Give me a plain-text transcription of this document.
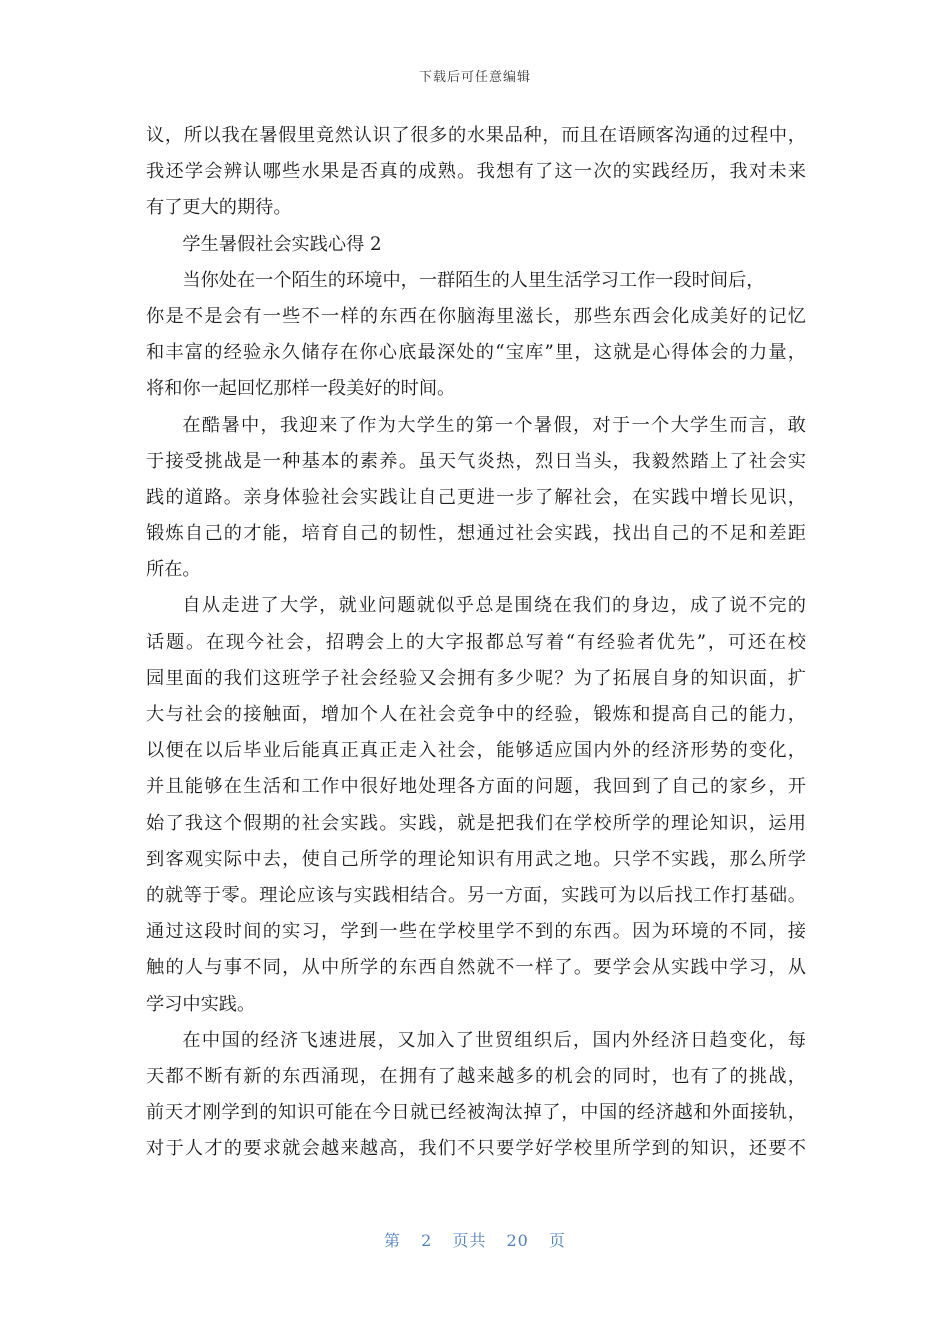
下载后可任意编辑
议，所以我在暑假里竟然认识了很多的水果品种，而且在语顾客沟通的过程中，
我还学会辨认哪些水果是否真的成熟。我想有了这一次的实践经历，我对未来
有了更大的期待。
学生暑假社会实践心得 2
当你处在一个陌生的环境中，一群陌生的人里生活学习工作一段时间后，
你是不是会有一些不一样的东西在你脑海里滋长，那些东西会化成美好的记忆
和丰富的经验永久储存在你心底最深处的“宝库”里，这就是心得体会的力量，
将和你一起回忆那样一段美好的时间。
在酷暑中，我迎来了作为大学生的第一个暑假，对于一个大学生而言，敢
于接受挑战是一种基本的素养。虽天气炎热，烈日当头，我毅然踏上了社会实
践的道路。亲身体验社会实践让自己更进一步了解社会，在实践中增长见识，
锻炼自己的才能，培育自己的韧性，想通过社会实践，找出自己的不足和差距
所在。
自从走进了大学，就业问题就似乎总是围绕在我们的身边，成了说不完的
话题。在现今社会，招聘会上的大字报都总写着“有经验者优先”，可还在校
园里面的我们这班学子社会经验又会拥有多少呢？为了拓展自身的知识面，扩
大与社会的接触面，增加个人在社会竞争中的经验，锻炼和提高自己的能力，
以便在以后毕业后能真正真正走入社会，能够适应国内外的经济形势的变化，
并且能够在生活和工作中很好地处理各方面的问题，我回到了自己的家乡，开
始了我这个假期的社会实践。实践，就是把我们在学校所学的理论知识，运用
到客观实际中去，使自己所学的理论知识有用武之地。只学不实践，那么所学
的就等于零。理论应该与实践相结合。另一方面，实践可为以后找工作打基础。
通过这段时间的实习，学到一些在学校里学不到的东西。因为环境的不同，接
触的人与事不同，从中所学的东西自然就不一样了。要学会从实践中学习，从
学习中实践。
在中国的经济飞速进展，又加入了世贸组织后，国内外经济日趋变化，每
天都不断有新的东西涌现，在拥有了越来越多的机会的同时，也有了的挑战，
前天才刚学到的知识可能在今日就已经被淘汰掉了，中国的经济越和外面接轨，
对于人才的要求就会越来越高，我们不只要学好学校里所学到的知识，还要不
第 2 页共 20 页
